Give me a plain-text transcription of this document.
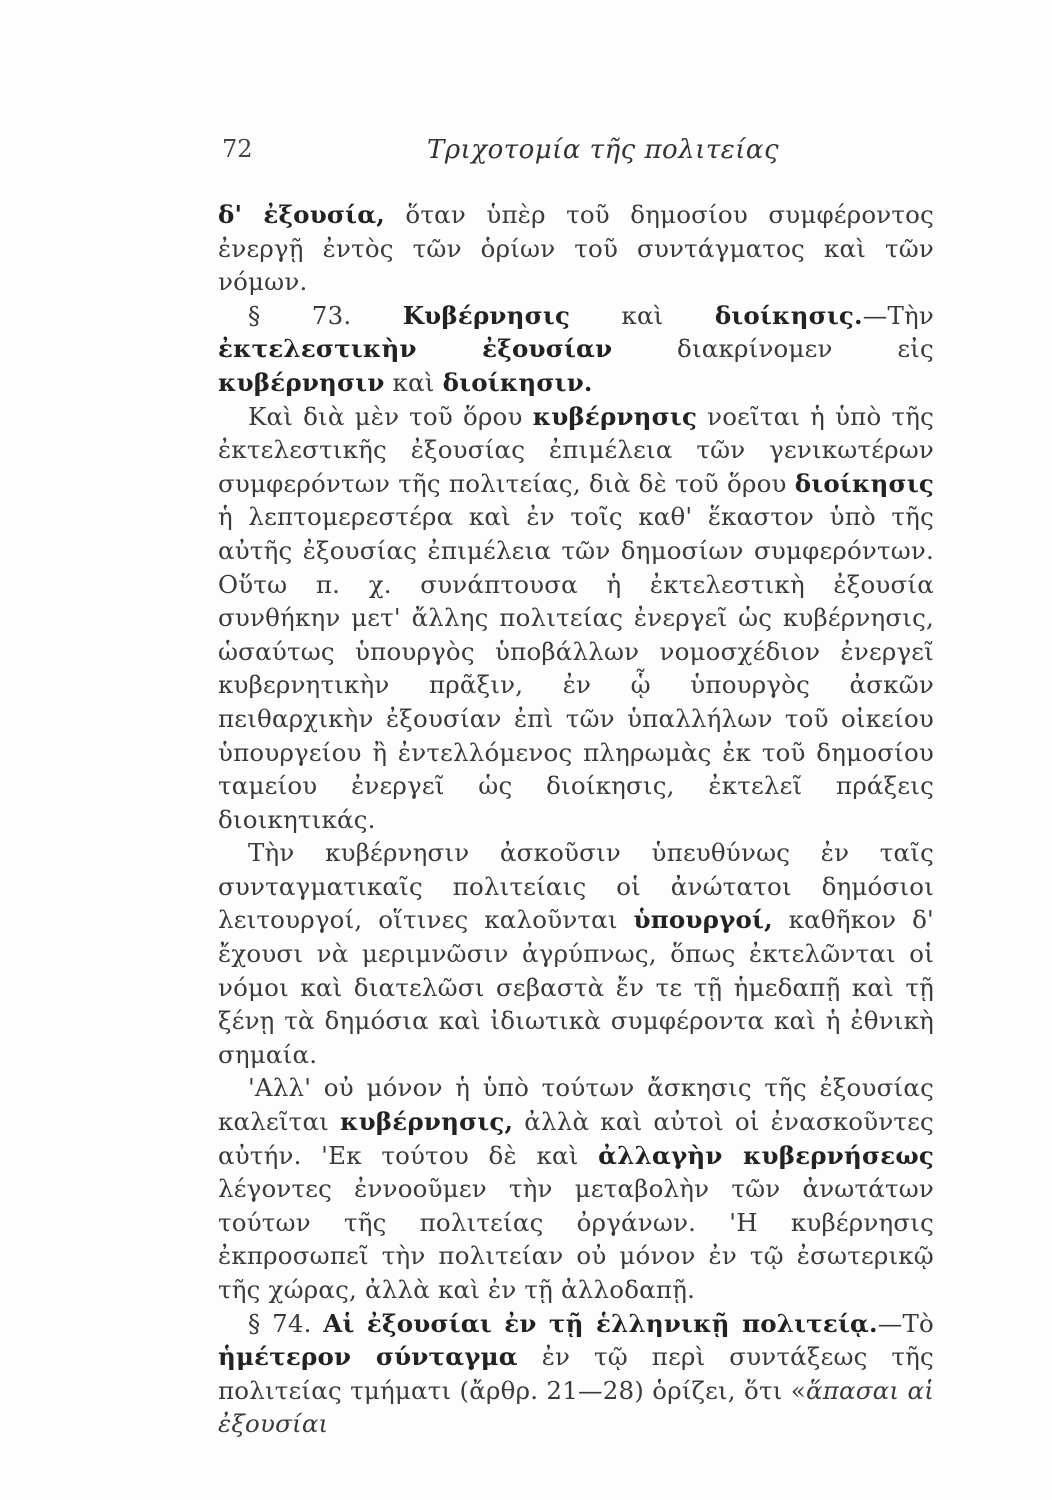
72	Τριχοτομία τῆς πολιτείας

δ' ἐξουσία, ὅταν ὑπὲρ τοῦ δημοσίου συμφέροντος ἐνεργῇ ἐντὸς τῶν ὁρίων τοῦ συντάγματος καὶ τῶν νόμων.

§ 73. Κυβέρνησις καὶ διοίκησις.—Τὴν ἐκτελεστικὴν ἐξουσίαν διακρίνομεν εἰς κυβέρνησιν καὶ διοίκησιν.

Καὶ διὰ μὲν τοῦ ὅρου κυβέρνησις νοεῖται ἡ ὑπὸ τῆς ἐκτελεστικῆς ἐξουσίας ἐπιμέλεια τῶν γενικωτέρων συμφερόντων τῆς πολιτείας, διὰ δὲ τοῦ ὅρου διοίκησις ἡ λεπτομερεστέρα καὶ ἐν τοῖς καθ' ἕκαστον ὑπὸ τῆς αὐτῆς ἐξουσίας ἐπιμέλεια τῶν δημοσίων συμφερόντων. Οὕτω π. χ. συνάπτουσα ἡ ἐκτελεστικὴ ἐξουσία συνθήκην μετ' ἄλλης πολιτείας ἐνεργεῖ ὡς κυβέρνησις, ὡσαύτως ὑπουργὸς ὑποβάλλων νομοσχέδιον ἐνεργεῖ κυβερνητικὴν πρᾶξιν, ἐν ᾧ ὑπουργὸς ἀσκῶν πειθαρχικὴν ἐξουσίαν ἐπὶ τῶν ὑπαλλήλων τοῦ οἰκείου ὑπουργείου ἢ ἐντελλόμενος πληρωμὰς ἐκ τοῦ δημοσίου ταμείου ἐνεργεῖ ὡς διοίκησις, ἐκτελεῖ πράξεις διοικητικάς.

Τὴν κυβέρνησιν ἀσκοῦσιν ὑπευθύνως ἐν ταῖς συνταγματικαῖς πολιτείαις οἱ ἀνώτατοι δημόσιοι λειτουργοί, οἵτινες καλοῦνται ὑπουργοί, καθῆκον δ' ἔχουσι νὰ μεριμνῶσιν ἀγρύπνως, ὅπως ἐκτελῶνται οἱ νόμοι καὶ διατελῶσι σεβαστὰ ἔν τε τῇ ἡμεδαπῇ καὶ τῇ ξένῃ τὰ δημόσια καὶ ἰδιωτικὰ συμφέροντα καὶ ἡ ἐθνικὴ σημαία.

'Αλλ' οὐ μόνον ἡ ὑπὸ τούτων ἄσκησις τῆς ἐξουσίας καλεῖται κυβέρνησις, ἀλλὰ καὶ αὐτοὶ οἱ ἐνασκοῦντες αὐτήν. 'Εκ τούτου δὲ καὶ ἀλλαγὴν κυβερνήσεως λέγοντες ἐννοοῦμεν τὴν μεταβολὴν τῶν ἀνωτάτων τούτων τῆς πολιτείας ὀργάνων. 'Η κυβέρνησις ἐκπροσωπεῖ τὴν πολιτείαν οὐ μόνον ἐν τῷ ἐσωτερικῷ τῆς χώρας, ἀλλὰ καὶ ἐν τῇ ἀλλοδαπῇ.

§ 74. Αἱ ἐξουσίαι ἐν τῇ ἑλληνικῇ πολιτείᾳ.—Τὸ ἡμέτερον σύνταγμα ἐν τῷ περὶ συντάξεως τῆς πολιτείας τμήματι (ἄρθρ. 21—28) ὁρίζει, ὅτι «ἅπασαι αἱ ἐξουσίαι
